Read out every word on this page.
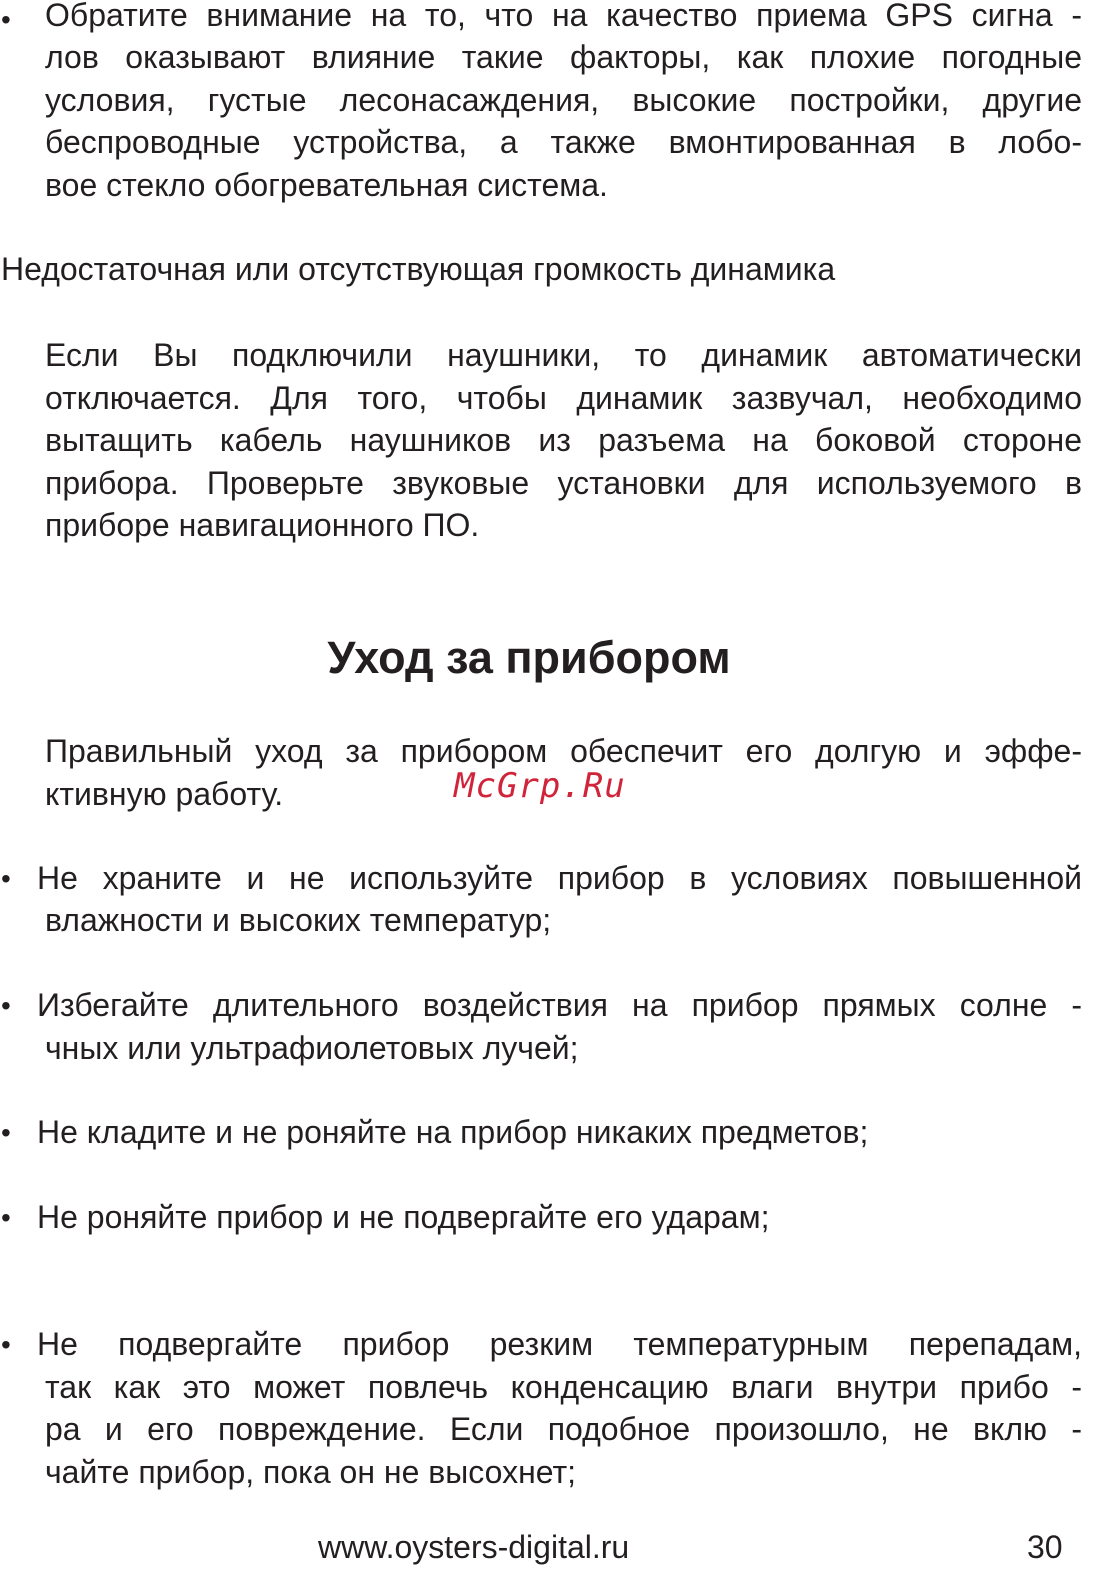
• Обратите внимание на то, что на качество приема GPS сигна -
лов оказывают влияние такие факторы, как плохие погодные
условия, густые лесонасаждения, высокие постройки, другие
беспроводные устройства, а также вмонтированная в лобо-
вое стекло обогревательная система.
Недостаточная или отсутствующая громкость динамика
Если Вы подключили наушники, то динамик автоматически
отключается. Для того, чтобы динамик зазвучал, необходимо
вытащить кабель наушников из разъема на боковой стороне
прибора. Проверьте звуковые установки для используемого в
приборе навигационного ПО.
Уход за прибором
Правильный уход за прибором обеспечит его долгую и эффе-
ктивную работу.	McGrp.Ru
• Не храните и не используйте прибор в условиях повышенной
влажности и высоких температур;
• Избегайте длительного воздействия на прибор прямых солне -
чных или ультрафиолетовых лучей;
• Не кладите и не роняйте на прибор никаких предметов;
• Не роняйте прибор и не подвергайте его ударам;
• Не подвергайте прибор резким температурным перепадам,
так как это может повлечь конденсацию влаги внутри прибо -
ра и его повреждение. Если подобное произошло, не вклю -
чайте прибор, пока он не высохнет;
www.oysters-digital.ru	30
